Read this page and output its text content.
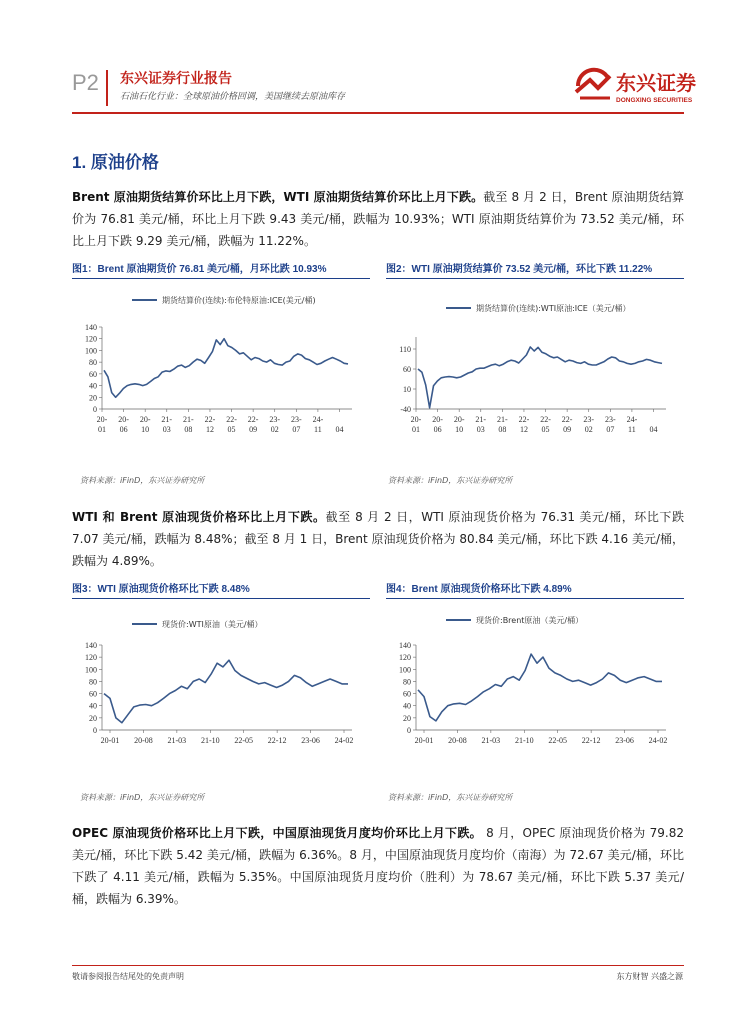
P2 东兴证券行业报告
石油石化行业：全球原油价格回调，美国继续去原油库存
东兴证券
DONGXING SECURITIES
1. 原油价格
Brent 原油期货结算价环比上月下跌，WTI 原油期货结算价环比上月下跌。截至 8 月 2 日，Brent 原油期货结算价为 76.81 美元/桶，环比上月下跌 9.43 美元/桶，跌幅为 10.93%；WTI 原油期货结算价为 73.52 美元/桶，环比上月下跌 9.29 美元/桶，跌幅为 11.22%。
图1：Brent 原油期货价 76.81 美元/桶，月环比跌 10.93%	图2：WTI 原油期货结算价 73.52 美元/桶，环比下跌 11.22%
期货结算价(连续):布伦特原油:ICE(美元/桶)
0
20
40
60
80
100
120
140
20-
01
20-
06
20-
10
21-
03
21-
08
22-
12
22-
05
22-
09
23-
02
23-
07
24-
11 04
期货结算价(连续):WTI原油:ICE（美元/桶）
-40
10
60
110
20-
01
20-
06
20-
10
21-
03
21-
08
22-
12
22-
05
22-
09
23-
02
23-
07
24-
11 04
资料来源：iFinD，东兴证券研究所	资料来源：iFinD，东兴证券研究所
WTI 和 Brent 原油现货价格环比上月下跌。截至 8 月 2 日，WTI 原油现货价格为 76.31 美元/桶，环比下跌 7.07 美元/桶，跌幅为 8.48%；截至 8 月 1 日，Brent 原油现货价格为 80.84 美元/桶，环比下跌 4.16 美元/桶，跌幅为 4.89%。
图3：WTI 原油现货价格环比下跌 8.48%	图4：Brent 原油现货价格环比下跌 4.89%
现货价:WTI原油（美元/桶）
0
20
40
60
80
100
120
140
20-01 20-08 21-03 21-10 22-05 22-12 23-06 24-02
现货价:Brent原油（美元/桶）
0
20
40
60
80
100
120
140
20-01 20-08 21-03 21-10 22-05 22-12 23-06 24-02
资料来源：iFinD，东兴证券研究所	资料来源：iFinD，东兴证券研究所
OPEC 原油现货价格环比上月下跌，中国原油现货月度均价环比上月下跌。 8 月，OPEC 原油现货价格为 79.82 美元/桶，环比下跌 5.42 美元/桶，跌幅为 6.36%。8 月，中国原油现货月度均价（南海）为 72.67 美元/桶，环比下跌了 4.11 美元/桶，跌幅为 5.35%。中国原油现货月度均价（胜利）为 78.67 美元/桶，环比下跌 5.37 美元/桶，跌幅为 6.39%。
敬请参阅报告结尾处的免责声明	东方财智 兴盛之源
